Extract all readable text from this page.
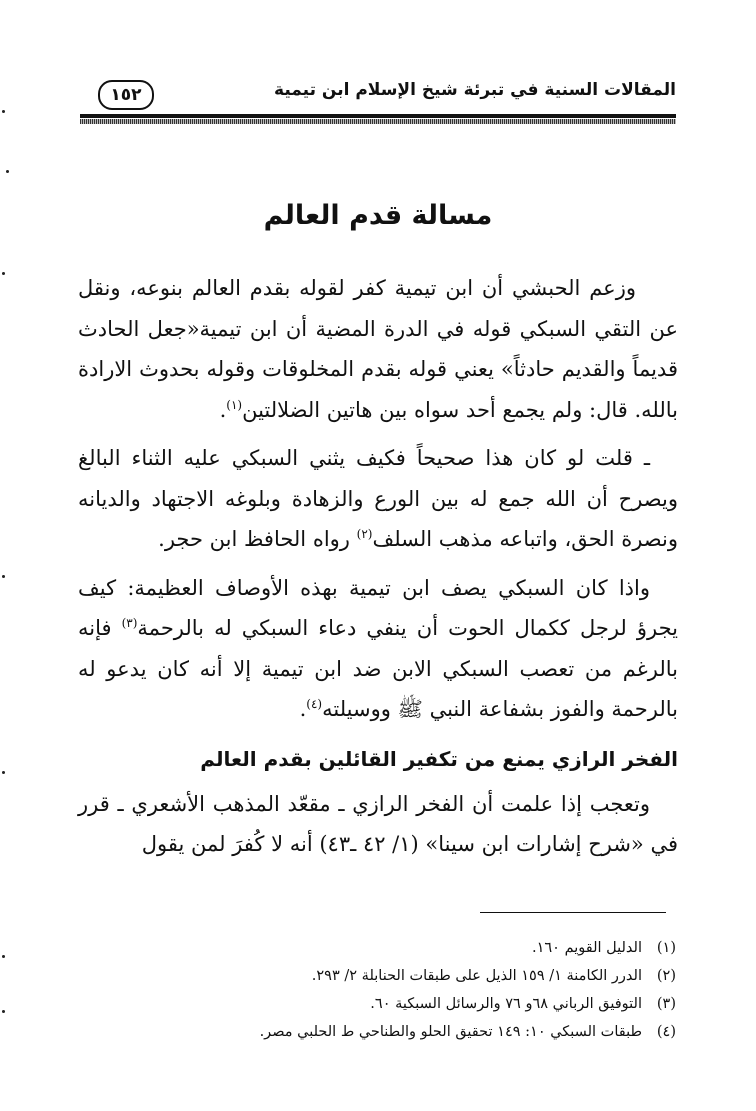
المقالات السنية في تبرئة شيخ الإسلام ابن تيمية
١٥٢
مسالة قدم العالم

وزعم الحبشي أن ابن تيمية كفر لقوله بقدم العالم بنوعه، ونقل عن التقي السبكي قوله في الدرة المضية أن ابن تيمية«جعل الحادث قديماً والقديم حادثاً» يعني قوله بقدم المخلوقات وقوله بحدوث الارادة بالله. قال: ولم يجمع أحد سواه بين هاتين الضلالتين$^{(١)}$.

ـ قلت لو كان هذا صحيحاً فكيف يثني السبكي عليه الثناء البالغ ويصرح أن الله جمع له بين الورع والزهادة وبلوغه الاجتهاد والديانه ونصرة الحق، واتباعه مذهب السلف$^{(٢)}$ رواه الحافظ ابن حجر.

واذا كان السبكي يصف ابن تيمية بهذه الأوصاف العظيمة: كيف يجرؤ لرجل ككمال الحوت أن ينفي دعاء السبكي له بالرحمة$^{(٣)}$ فإنه بالرغم من تعصب السبكي الابن ضد ابن تيمية إلا أنه كان يدعو له بالرحمة والفوز بشفاعة النبي ﷺ ووسيلته$^{(٤)}$.

الفخر الرازي يمنع من تكفير القائلين بقدم العالم

وتعجب إذا علمت أن الفخر الرازي ـ مقعّد المذهب الأشعري ـ قرر في «شرح إشارات ابن سينا» (١/ ٤٢ ـ٤٣) أنه لا كُفرَ لمن يقول

(١)
الدليل القويم ١٦٠.
(٢)
الدرر الكامنة ١/ ١٥٩ الذيل على طبقات الحنابلة ٢/ ٢٩٣.
(٣)
التوفيق الرباني ٦٨و ٧٦ والرسائل السبكية ٦٠.
(٤)
طبقات السبكي ١٠: ١٤٩ تحقيق الحلو والطناحي ط الحلبي مصر.
